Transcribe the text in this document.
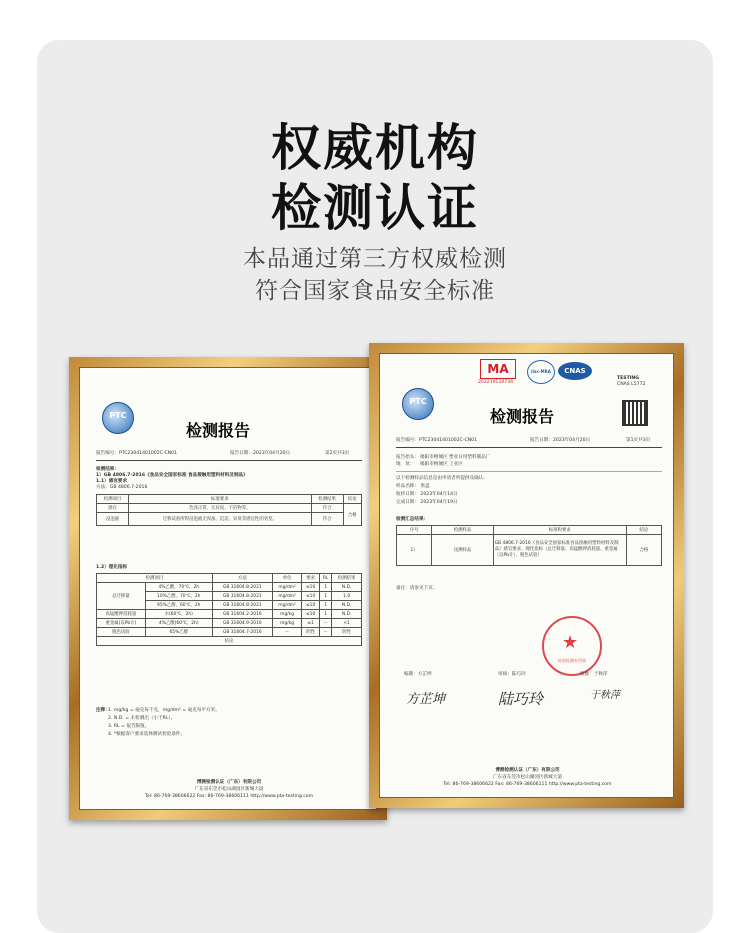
权威机构
检测认证
本品通过第三方权威检测
符合国家食品安全标准
PTC
检测报告
报告编号：PTC23041401002C-CN01	报告日期：2023年04月20日	第2页共3页
检测结果：
1）GB 4806.7-2016《食品安全国家标准 食品接触用塑料材料及制品》
1.1）感官要求
方法：GB 4806.7-2016
检测项目	标准要求	检测结果	结论
感官	色泽正常，无异臭、不洁物等。	符合	合格
浸泡液	迁移试验所得浸泡液无浑浊、沉淀、异臭等感官性的劣变。	符合	
1.2）理化指标
检测项目		方法	单位	要求	RL	检测结果
总迁移量	4%乙酸，70℃，2h	GB 31604.8-2021	mg/dm²	≤10	1	N.D.
	10%乙醇，70℃，2h	GB 31604.8-2021	mg/dm²	≤10	1	1.0
	95%乙醇，60℃，2h	GB 31604.8-2021	mg/dm²	≤10	1	N.D.
高锰酸钾消耗量	水(60℃，2h)	GB 31604.2-2016	mg/kg	≤10	1	N.D.
重金属(以Pb计)	4%乙酸(60℃，2h)	GB 31604.9-2016	mg/kg	≤1	--	<1
脱色试验	65%乙醇	GB 31604.7-2016	--	阴性	--	阴性
结论						
注释：
1. mg/kg = 毫克每千克，mg/dm² = 毫克每平方米。
2. N.D. = 未检测出（小于RL）。
3. RL = 报告限值。
4. *根据客户要求选择测试检验条件。
博测检测认证（广东）有限公司
广东省东莞市松山湖园区新城大道
Tel: 86-769-38606622 Fax: 86-769-38606111 http://www.pta-testing.com
PTC
MA
202219110734
ilac-MRA	CNAS
TESTING
CNAS L5772
检测报告
报告编号：PTC23041401002C-CN01	报告日期：2023年04月20日	第1页共3页
报告抬头： 揭阳市榕城区 塑业日用塑料制品厂
地　址： 揭阳市榕城区 工业区
以下检测样品信息是由申请者所提供及确认：
样品名称： 果盘
收样日期： 2023年04月14日
完成日期： 2023年04月19日
检测汇总结果：
序号	检测样品	标准和要求	结论
1）	送测样品	GB 4806.7-2016《食品安全国家标准食品接触用塑料材料及制品》感官要求、理化指标（总迁移量、高锰酸钾消耗量、重金属（以Pb计）、脱色试验）	合格
备注：请参见下页。
★
检验检测专用章
编制：方芷坤	审核：陆巧玲	批准：于秋萍
方芷坤	陆巧玲	于秋萍
博测检测认证（广东）有限公司
广东省东莞市松山湖园区新城大道
Tel: 86-769-38606622 Fax: 86-769-38606111 http://www.pta-testing.com
